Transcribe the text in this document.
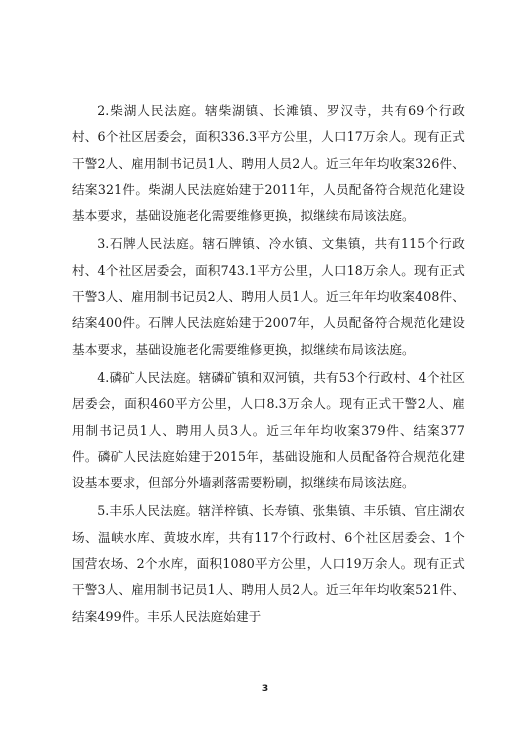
2.柴湖人民法庭。辖柴湖镇、长滩镇、罗汉寺，共有69个行政村、6个社区居委会，面积336.3平方公里，人口17万余人。现有正式干警2人、雇用制书记员1人、聘用人员2人。近三年年均收案326件、结案321件。柴湖人民法庭始建于2011年，人员配备符合规范化建设基本要求，基础设施老化需要维修更换，拟继续布局该法庭。

3.石牌人民法庭。辖石牌镇、冷水镇、文集镇，共有115个行政村、4个社区居委会，面积743.1平方公里，人口18万余人。现有正式干警3人、雇用制书记员2人、聘用人员1人。近三年年均收案408件、结案400件。石牌人民法庭始建于2007年，人员配备符合规范化建设基本要求，基础设施老化需要维修更换，拟继续布局该法庭。

4.磷矿人民法庭。辖磷矿镇和双河镇，共有53个行政村、4个社区居委会，面积460平方公里，人口8.3万余人。现有正式干警2人、雇用制书记员1人、聘用人员3人。近三年年均收案379件、结案377件。磷矿人民法庭始建于2015年，基础设施和人员配备符合规范化建设基本要求，但部分外墙剥落需要粉刷，拟继续布局该法庭。

5.丰乐人民法庭。辖洋梓镇、长寿镇、张集镇、丰乐镇、官庄湖农场、温峡水库、黄坡水库，共有117个行政村、6个社区居委会、1个国营农场、2个水库，面积1080平方公里，人口19万余人。现有正式干警3人、雇用制书记员1人、聘用人员2人。近三年年均收案521件、结案499件。丰乐人民法庭始建于

3
